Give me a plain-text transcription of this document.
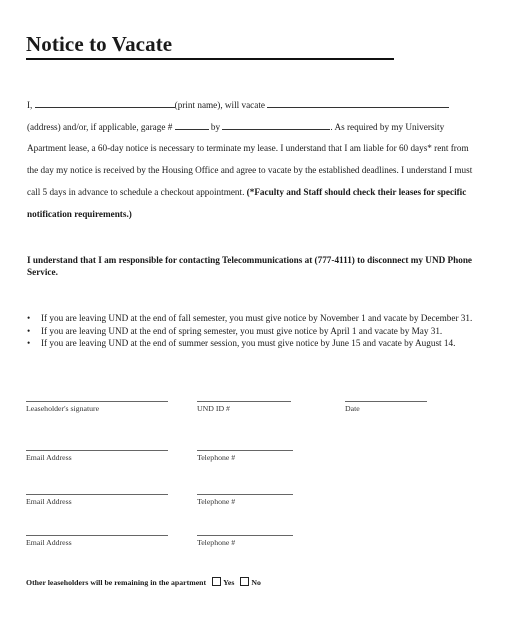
Notice to Vacate
I,	(print name), will vacate
(address) and/or, if applicable, garage #	by	. As required by my University
Apartment lease, a 60-day notice is necessary to terminate my lease. I understand that I am liable for 60 days* rent from
the day my notice is received by the Housing Office and agree to vacate by the established deadlines. I understand I must
call 5 days in advance to schedule a checkout appointment. (*Faculty and Staff should check their leases for specific
notification requirements.)
I understand that I am responsible for contacting Telecommunications at (777-4111) to disconnect my UND Phone
Service.
• If you are leaving UND at the end of fall semester, you must give notice by November 1 and vacate by December 31.
• If you are leaving UND at the end of spring semester, you must give notice by April 1 and vacate by May 31.
• If you are leaving UND at the end of summer session, you must give notice by June 15 and vacate by August 14.
Leaseholder's signature	UND ID #	Date
Email Address	Telephone #
Email Address	Telephone #
Email Address	Telephone #
Other leaseholders will be remaining in the apartment Yes No
